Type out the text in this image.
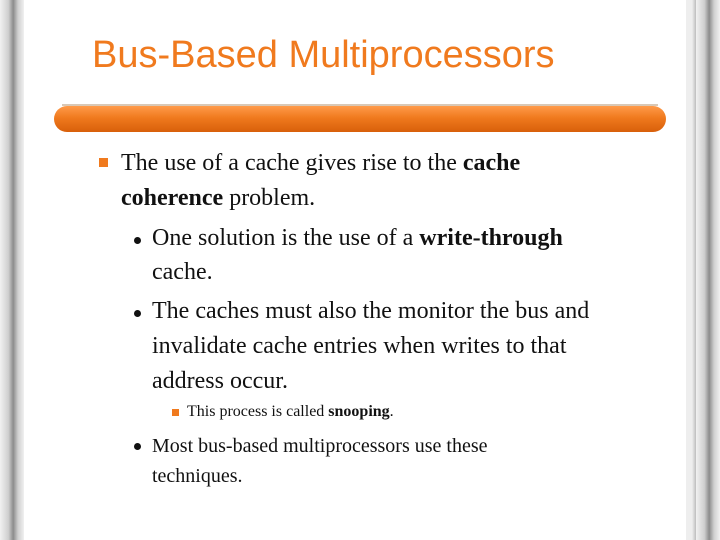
Bus-Based Multiprocessors
The use of a cache gives rise to the cache
coherence problem.
One solution is the use of a write-through
cache.
The caches must also the monitor the bus and
invalidate cache entries when writes to that
address occur.
This process is called snooping.
Most bus-based multiprocessors use these
techniques.
